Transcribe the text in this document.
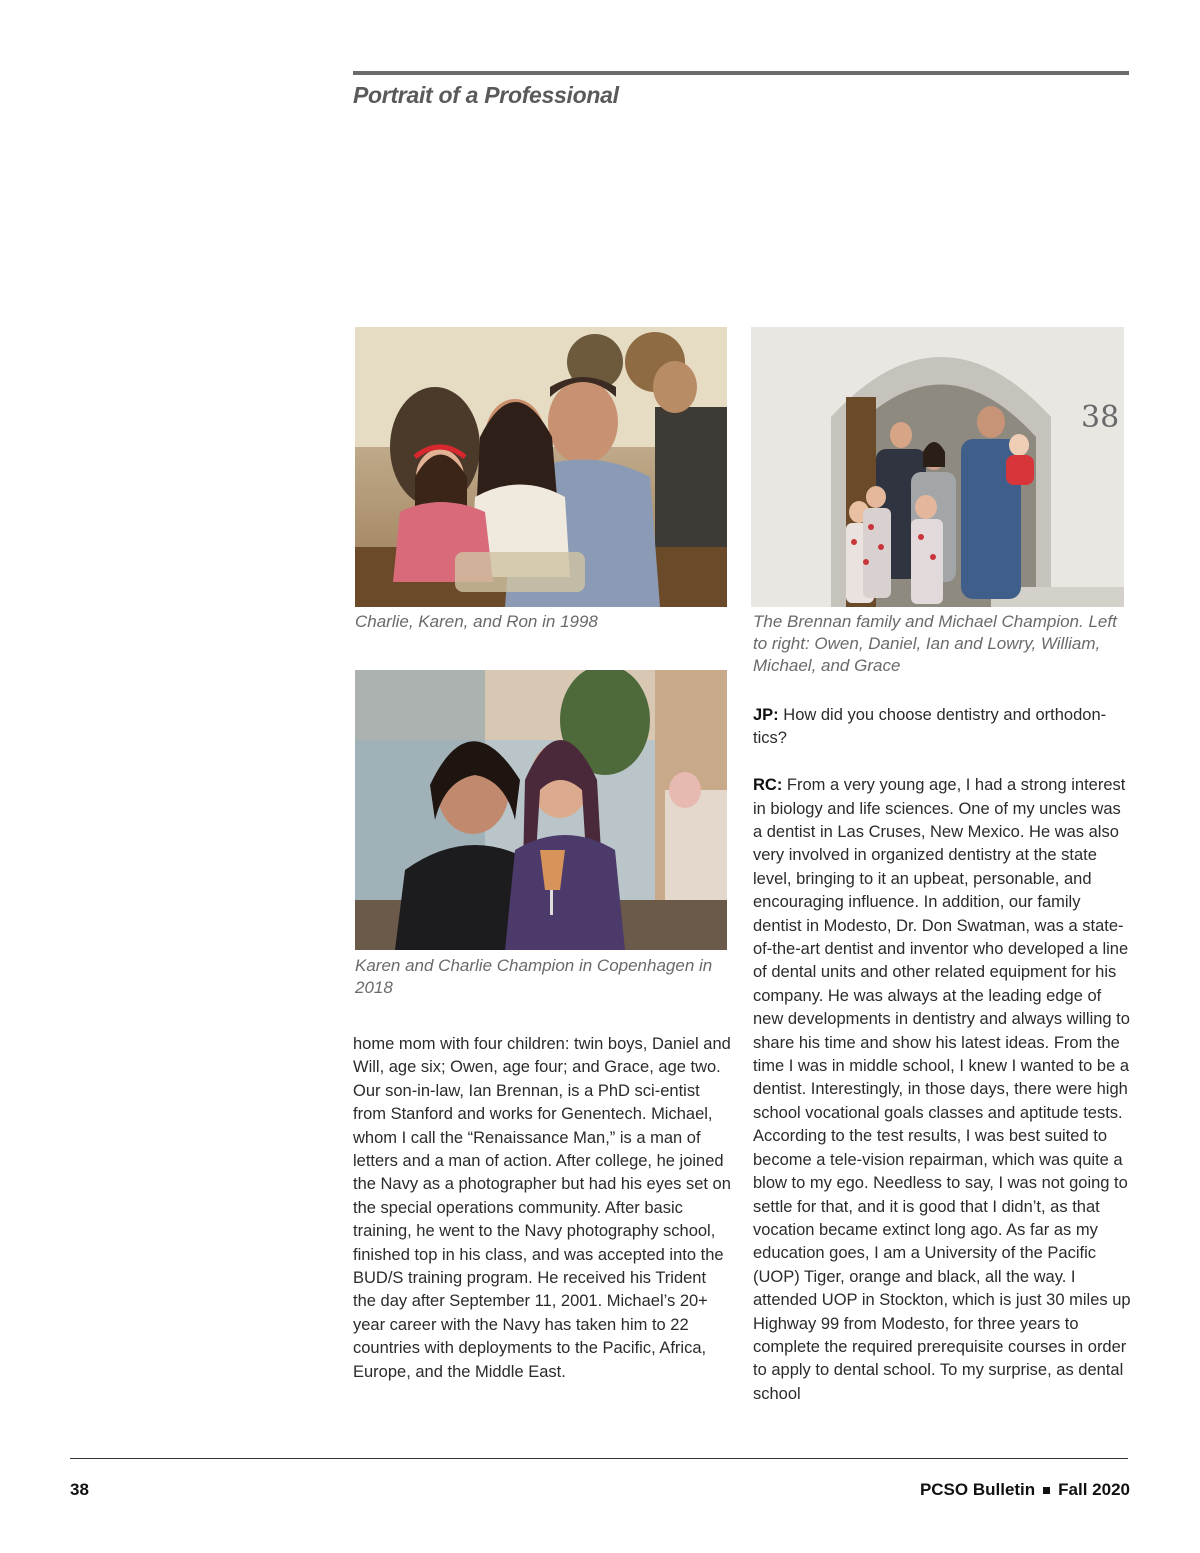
Portrait of a Professional

Charlie, Karen, and Ron in 1998

38

The Brennan family and Michael Champion. Left to right: Owen, Daniel, Ian and Lowry, William, Michael, and Grace

Karen and Charlie Champion in Copenhagen in 2018

home mom with four children: twin boys, Daniel and Will, age six; Owen, age four; and Grace, age two. Our son-in-law, Ian Brennan, is a PhD sci-entist from Stanford and works for Genentech. Michael, whom I call the “Renaissance Man,” is a man of letters and a man of action. After college, he joined the Navy as a photographer but had his eyes set on the special operations community. After basic training, he went to the Navy photography school, finished top in his class, and was accepted into the BUD/S training program. He received his Trident the day after September 11, 2001. Michael’s 20+ year career with the Navy has taken him to 22 countries with deployments to the Pacific, Africa, Europe, and the Middle East.

JP: How did you choose dentistry and orthodon-tics?

RC: From a very young age, I had a strong interest in biology and life sciences. One of my uncles was a dentist in Las Cruses, New Mexico. He was also very involved in organized dentistry at the state level, bringing to it an upbeat, personable, and encouraging influence. In addition, our family dentist in Modesto, Dr. Don Swatman, was a state-of-the-art dentist and inventor who developed a line of dental units and other related equipment for his company. He was always at the leading edge of new developments in dentistry and always willing to share his time and show his latest ideas. From the time I was in middle school, I knew I wanted to be a dentist. Interestingly, in those days, there were high school vocational goals classes and aptitude tests. According to the test results, I was best suited to become a tele-vision repairman, which was quite a blow to my ego. Needless to say, I was not going to settle for that, and it is good that I didn’t, as that vocation became extinct long ago. As far as my education goes, I am a University of the Pacific (UOP) Tiger, orange and black, all the way. I attended UOP in Stockton, which is just 30 miles up Highway 99 from Modesto, for three years to complete the required prerequisite courses in order to apply to dental school. To my surprise, as dental school

38	PCSO Bulletin Fall 2020
